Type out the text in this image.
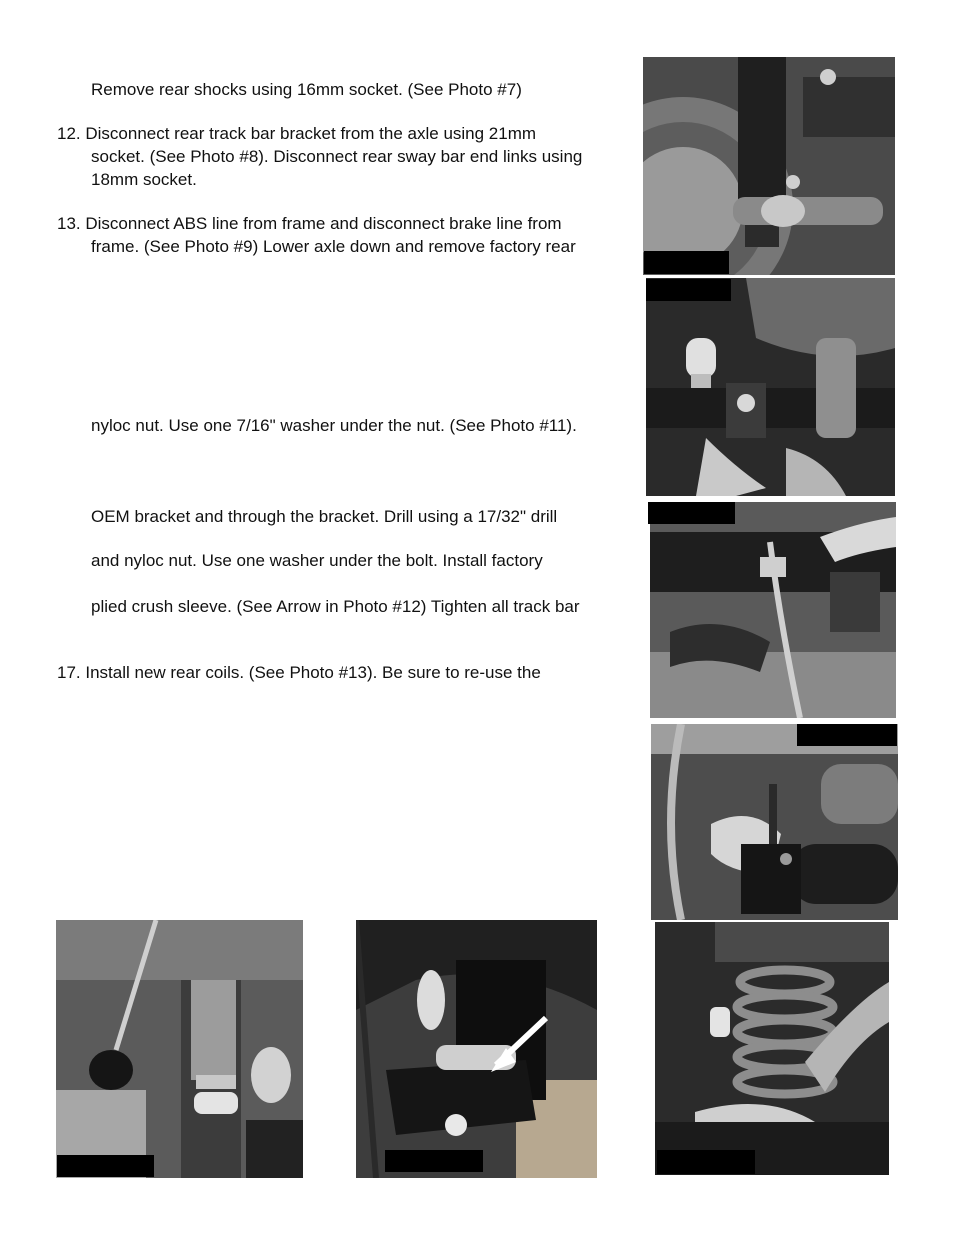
Remove rear shocks using 16mm socket. (See Photo #7)
12. Disconnect rear track bar bracket from the axle using 21mm
socket. (See Photo #8). Disconnect rear sway bar end links using
18mm socket.
13. Disconnect ABS line from frame and disconnect brake line from
frame. (See Photo #9) Lower axle down and remove factory rear
nyloc nut. Use one 7/16" washer under the nut. (See Photo #11).
OEM bracket and through the bracket. Drill using a 17/32" drill
and nyloc nut. Use one washer under the bolt. Install factory
plied crush sleeve. (See Arrow in Photo #12) Tighten all track bar
17. Install new rear coils. (See Photo #13). Be sure to re-use the
